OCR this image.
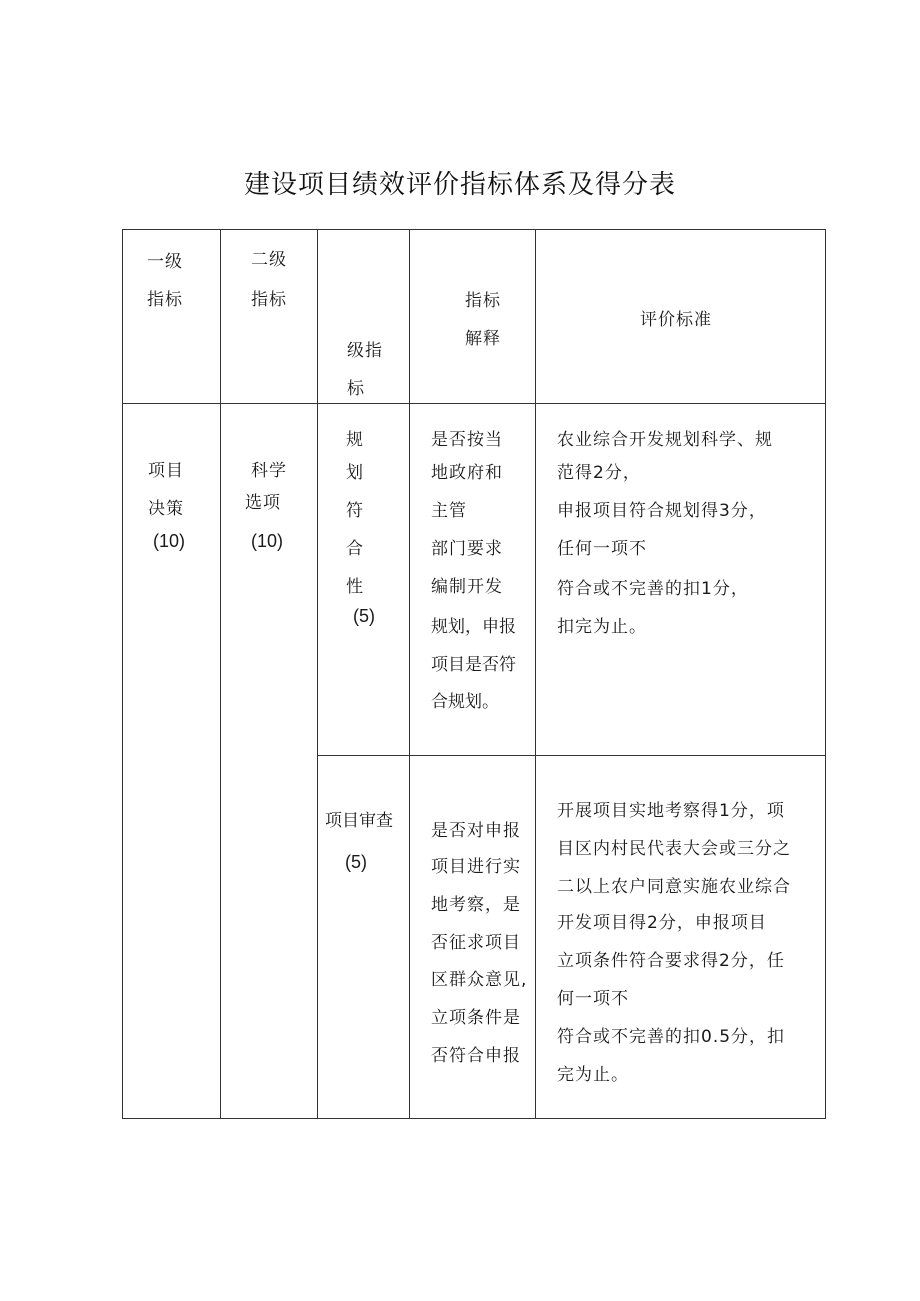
建设项目绩效评价指标体系及得分表
一级
指标
二级
指标
级指
标
指标
解释
评价标准
项目
决策
(10)
科学
选项
(10)
规
划
符
合
性
(5)
是否按当
地政府和
主管
部门要求
编制开发
规划，申报
项目是否符
合规划。
农业综合开发规划科学、规
范得2分，
申报项目符合规划得3分，
任何一项不
符合或不完善的扣1分，
扣完为止。
项目审查
(5)
是否对申报
项目进行实
地考察，是
否征求项目
区群众意见,
立项条件是
否符合申报
开展项目实地考察得1分，项
目区内村民代表大会或三分之
二以上农户同意实施农业综合
开发项目得2分，申报项目
立项条件符合要求得2分，任
何一项不
符合或不完善的扣0.5分，扣
完为止。
